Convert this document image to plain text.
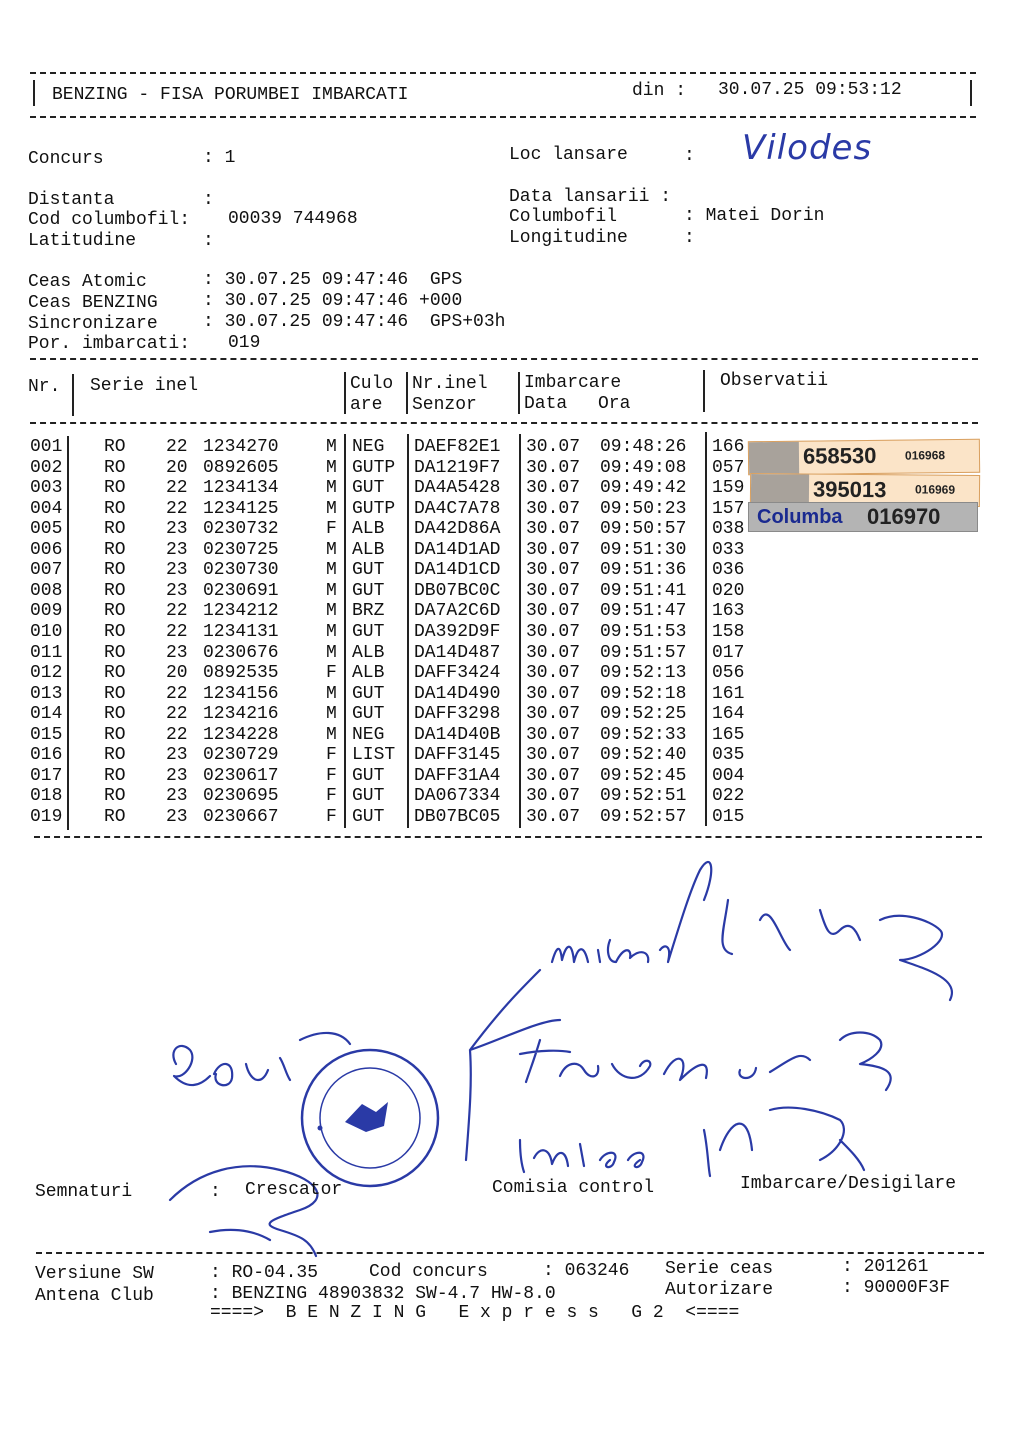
BENZING - FISA PORUMBEI IMBARCATI	din : 30.07.25 09:53:12
Concurs	: 1	Loc lansare	: Vilodes
Distanta	:
Cod columbofil: 00039 744968
Latitudine	:
Data lansarii :
Columbofil	: Matei Dorin
Longitudine	:
Ceas Atomic	: 30.07.25 09:47:46  GPS
Ceas BENZING	: 30.07.25 09:47:46 +000
Sincronizare	: 30.07.25 09:47:46  GPS+03h
Por. imbarcati: 019
Nr. Serie inel	Culo
are
Nr.inel
Senzor
Imbarcare
Data Ora
Observatii
001 RO 22 1234270	M NEG DAEF82E1 30.07 09:48:26 166
002 RO 20 0892605	M GUTP DA1219F7 30.07 09:49:08 057
003 RO 22 1234134	M GUT DA4A5428 30.07 09:49:42 159
004 RO 22 1234125	M GUTP DA4C7A78 30.07 09:50:23 157
005 RO 23 0230732	F ALB DA42D86A 30.07 09:50:57 038
006 RO 23 0230725	M ALB DA14D1AD 30.07 09:51:30 033
007 RO 23 0230730	M GUT DA14D1CD 30.07 09:51:36 036
008 RO 23 0230691	M GUT DB07BC0C 30.07 09:51:41 020
009 RO 22 1234212	M BRZ DA7A2C6D 30.07 09:51:47 163
010 RO 22 1234131	M GUT DA392D9F 30.07 09:51:53 158
011 RO 23 0230676	M ALB DA14D487 30.07 09:51:57 017
012 RO 20 0892535	F ALB DAFF3424 30.07 09:52:13 056
013 RO 22 1234156	M GUT DA14D490 30.07 09:52:18 161
014 RO 22 1234216	M GUT DAFF3298 30.07 09:52:25 164
015 RO 22 1234228	M NEG DA14D40B 30.07 09:52:33 165
016 RO 23 0230729	F LIST DAFF3145 30.07 09:52:40 035
017 RO 23 0230617	F GUT DAFF31A4 30.07 09:52:45 004
018 RO 23 0230695	F GUT DA067334 30.07 09:52:51 022
019 RO 23 0230667	F GUT DB07BC05 30.07 09:52:57 015
658530 016968
395013 016969
Columba 016970
Semnaturi	: Crescator	Comisia control	Imbarcare/Desigilare
Versiune SW	: RO-04.35	Cod concurs	: 063246 Serie ceas	: 201261
Antena Club	: BENZING 48903832 SW-4.7 HW-8.0	Autorizare	: 90000F3F
====>  B E N Z I N G   E x p r e s s   G 2  <====
